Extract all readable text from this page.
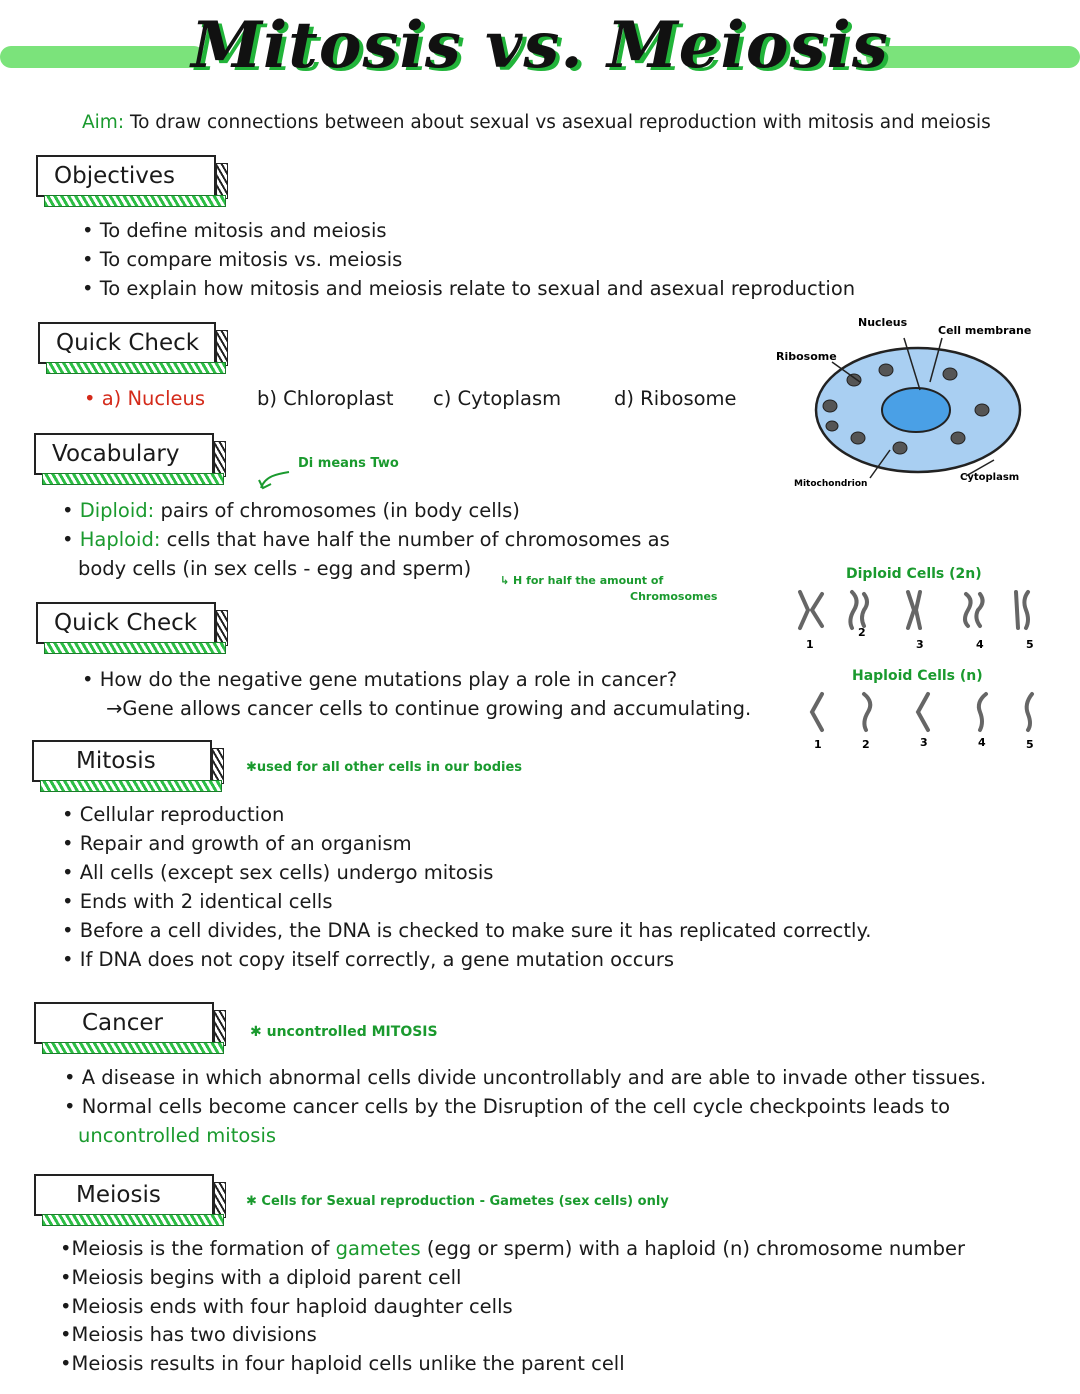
Mitosis vs. Meiosis
Aim: To draw connections between about sexual vs asexual reproduction with mitosis and meiosis
Objectives
• To define mitosis and meiosis
• To compare mitosis vs. meiosis
• To explain how mitosis and meiosis relate to sexual and asexual reproduction
Quick Check
• a) Nucleus	b) Chloroplast c) Cytoplasm	d) Ribosome
Nucleus
Cell membrane
Ribosome
Mitochondrion
Cytoplasm
Vocabulary	Di means Two
• Diploid: pairs of chromosomes (in body cells)
• Haploid: cells that have half the number of chromosomes as
body cells (in sex cells - egg and sperm)
↳ H for half the amount of
Chromosomes
Diploid Cells (2n)
1
2
3	4	5
Haploid Cells (n)
1	2	3	4	5
Quick Check
• How do the negative gene mutations play a role in cancer?
→Gene allows cancer cells to continue growing and accumulating.
Mitosis	✱used for all other cells in our bodies
• Cellular reproduction
• Repair and growth of an organism
• All cells (except sex cells) undergo mitosis
• Ends with 2 identical cells
• Before a cell divides, the DNA is checked to make sure it has replicated correctly.
• If DNA does not copy itself correctly, a gene mutation occurs
Cancer	✱ uncontrolled MITOSIS
• A disease in which abnormal cells divide uncontrollably and are able to invade other tissues.
• Normal cells become cancer cells by the Disruption of the cell cycle checkpoints leads to
uncontrolled mitosis
Meiosis	✱ Cells for Sexual reproduction - Gametes (sex cells) only
•Meiosis is the formation of gametes (egg or sperm) with a haploid (n) chromosome number
•Meiosis begins with a diploid parent cell
•Meiosis ends with four haploid daughter cells
•Meiosis has two divisions
•Meiosis results in four haploid cells unlike the parent cell
